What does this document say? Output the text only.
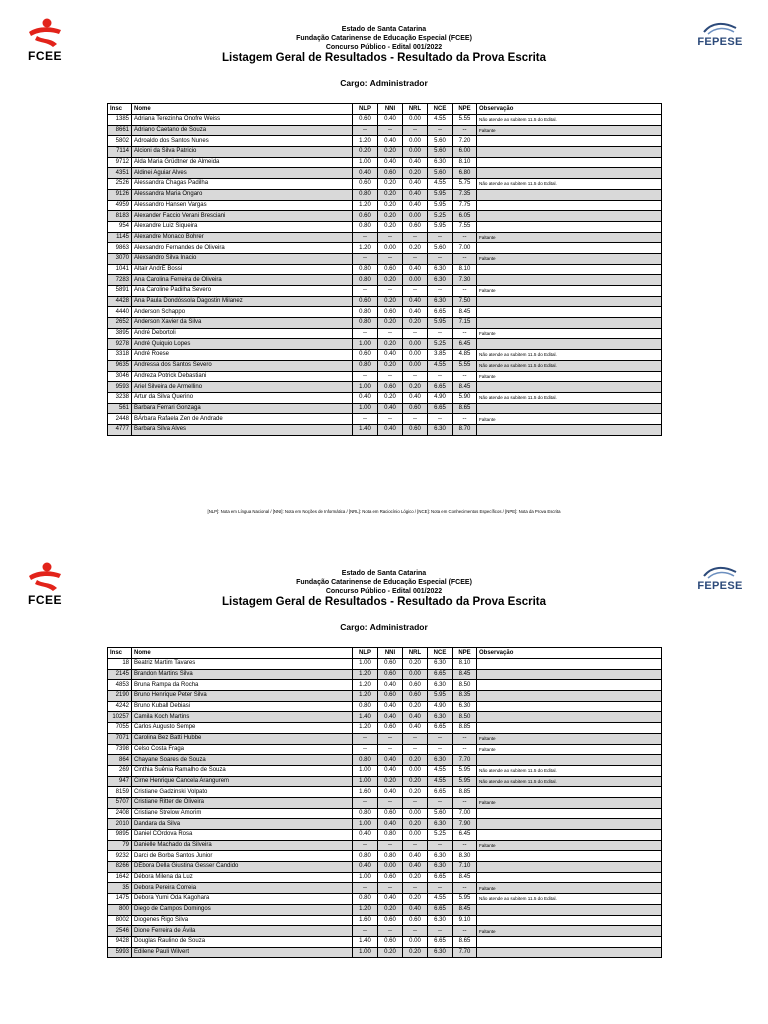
FCEE
FEPESE
Estado de Santa Catarina
Fundação Catarinense de Educação Especial (FCEE)
Concurso Público - Edital 001/2022
Listagem Geral de Resultados - Resultado da Prova Escrita
Cargo: Administrador
Insc	Nome	NLP	NNI	NRL	NCE	NPE	Observação
1385	Adriana Terezinha Onofre Weiss	0.60	0.40	0.00	4.55	5.55	Não atende ao subitem 11.5 do Edital.
8661	Adriano Caetano de Souza	--	--	--	--	--	Faltante
5802	Adroaldo dos Santos Nunes	1.20	0.40	0.00	5.60	7.20	
7114	Alcioni da Silva Patricio	0.20	0.20	0.00	5.60	6.00	
9712	Alda Maria Grüdtner de Almeida	1.00	0.40	0.40	6.30	8.10	
4351	Aldinei Aguiar Alves	0.40	0.60	0.20	5.60	6.80	
2526	Alessandra Chagas Padilha	0.60	0.20	0.40	4.55	5.75	Não atende ao subitem 11.5 do Edital.
9126	Alessandra Maria Ongaro	0.80	0.20	0.40	5.95	7.35	
4959	Alessandro Hansen Vargas	1.20	0.20	0.40	5.95	7.75	
8183	Alexander Faccio Verani Bresciani	0.60	0.20	0.00	5.25	6.05	
954	Alexandre Luiz Siqueira	0.80	0.20	0.60	5.95	7.55	
1145	Alexandre Monaco Bohrer	--	--	--	--	--	Faltante
9863	Alexsandro Fernandes de Oliveira	1.20	0.00	0.20	5.60	7.00	
3070	Alexsandro Silva Inacio	--	--	--	--	--	Faltante
1041	Altair AndrÉ Bossi	0.80	0.60	0.40	6.30	8.10	
7283	Ana Carolina Ferreira de Oliveira	0.80	0.20	0.00	6.30	7.30	
5891	Ana Caroline Padilha Severo	--	--	--	--	--	Faltante
4428	Ana Paula Dondóssola Dagostin Milanez	0.60	0.20	0.40	6.30	7.50	
4440	Anderson Schappo	0.80	0.60	0.40	6.65	8.45	
2652	Anderson Xavier da Silva	0.80	0.20	0.20	5.95	7.15	
3895	André Debortoli	--	--	--	--	--	Faltante
9278	André Quiquio Lopes	1.00	0.20	0.00	5.25	6.45	
3318	André Roese	0.60	0.40	0.00	3.85	4.85	Não atende ao subitem 11.5 do Edital.
9635	Andressa dos Santos Severo	0.80	0.20	0.00	4.55	5.55	Não atende ao subitem 11.5 do Edital.
3046	Andreza Potrick Debastiani	--	--	--	--	--	Faltante
9593	Ariel Silveira de Armellino	1.00	0.60	0.20	6.65	8.45	
3238	Artur da Silva Querino	0.40	0.20	0.40	4.90	5.90	Não atende ao subitem 11.5 do Edital.
561	Barbara Ferrari Gonzaga	1.00	0.40	0.60	6.65	8.65	
2448	BÁrbara Rafaela Zen de Andrade	--	--	--	--	--	Faltante
4777	Barbara Silva Alves	1.40	0.40	0.60	6.30	8.70	
[NLP]: Nota em Língua Nacional / [NNI]: Nota em Noções de Informática / [NRL]: Nota em Raciocínio Lógico / [NCE]: Nota em Conhecimentos Específicos / [NPE]: Nota da Prova Escrita
FCEE
FEPESE
Estado de Santa Catarina
Fundação Catarinense de Educação Especial (FCEE)
Concurso Público - Edital 001/2022
Listagem Geral de Resultados - Resultado da Prova Escrita
Cargo: Administrador
Insc	Nome	NLP	NNI	NRL	NCE	NPE	Observação
18	Beatriz Martim Tavares	1.00	0.60	0.20	6.30	8.10	
2145	Brandon Martins Silva	1.20	0.60	0.00	6.65	8.45	
4853	Bruna Rampa da Rocha	1.20	0.40	0.60	6.30	8.50	
2190	Bruno Henrique Peter Silva	1.20	0.60	0.60	5.95	8.35	
4242	Bruno Kuball Debiasi	0.80	0.40	0.20	4.90	6.30	
10257	Camila Koch Martins	1.40	0.40	0.40	6.30	8.50	
7055	Carlos Augusto Sempe	1.20	0.60	0.40	6.65	8.85	
7071	Carolina Bez Batti Hubbe	--	--	--	--	--	Faltante
7398	Celso Costa Fraga	--	--	--	--	--	Faltante
864	Chayane Soares de Souza	0.80	0.40	0.20	6.30	7.70	
269	Cinthia Suênia Ramalho de Souza	1.00	0.40	0.00	4.55	5.95	Não atende ao subitem 11.5 do Edital.
947	Cirne Henrique Cancela Arangurem	1.00	0.20	0.20	4.55	5.95	Não atende ao subitem 11.5 do Edital.
8159	Cristiane Gadzinski Volpato	1.60	0.40	0.20	6.65	8.85	
5707	Cristiane Ritter de Oliveira	--	--	--	--	--	Faltante
2408	Cristiane Strelow Amorim	0.80	0.60	0.00	5.60	7.00	
2010	Dandara da Silva	1.00	0.40	0.20	6.30	7.90	
9895	Daniel COrdova Rosa	0.40	0.80	0.00	5.25	6.45	
79	Danielle Machado da Silveira	--	--	--	--	--	Faltante
9232	Darci de Borba Santos Junior	0.80	0.80	0.40	6.30	8.30	
8266	DÉbora Della Giustina Gesser Candido	0.40	0.00	0.40	6.30	7.10	
1642	Débora Milena da Luz	1.00	0.60	0.20	6.65	8.45	
35	Debora Pereira Correia	--	--	--	--	--	Faltante
1475	Debora Yumi Oda Kagohara	0.80	0.40	0.20	4.55	5.95	Não atende ao subitem 11.5 do Edital.
800	Diego de Campos Domingos	1.20	0.20	0.40	6.65	8.45	
8002	Diogenes Rigo Silva	1.60	0.60	0.60	6.30	9.10	
2546	Dione Ferreira de Ávila	--	--	--	--	--	Faltante
9428	Douglas Raulino de Souza	1.40	0.60	0.00	6.65	8.65	
5993	Edilene Pauli Wilvert	1.00	0.20	0.20	6.30	7.70	
